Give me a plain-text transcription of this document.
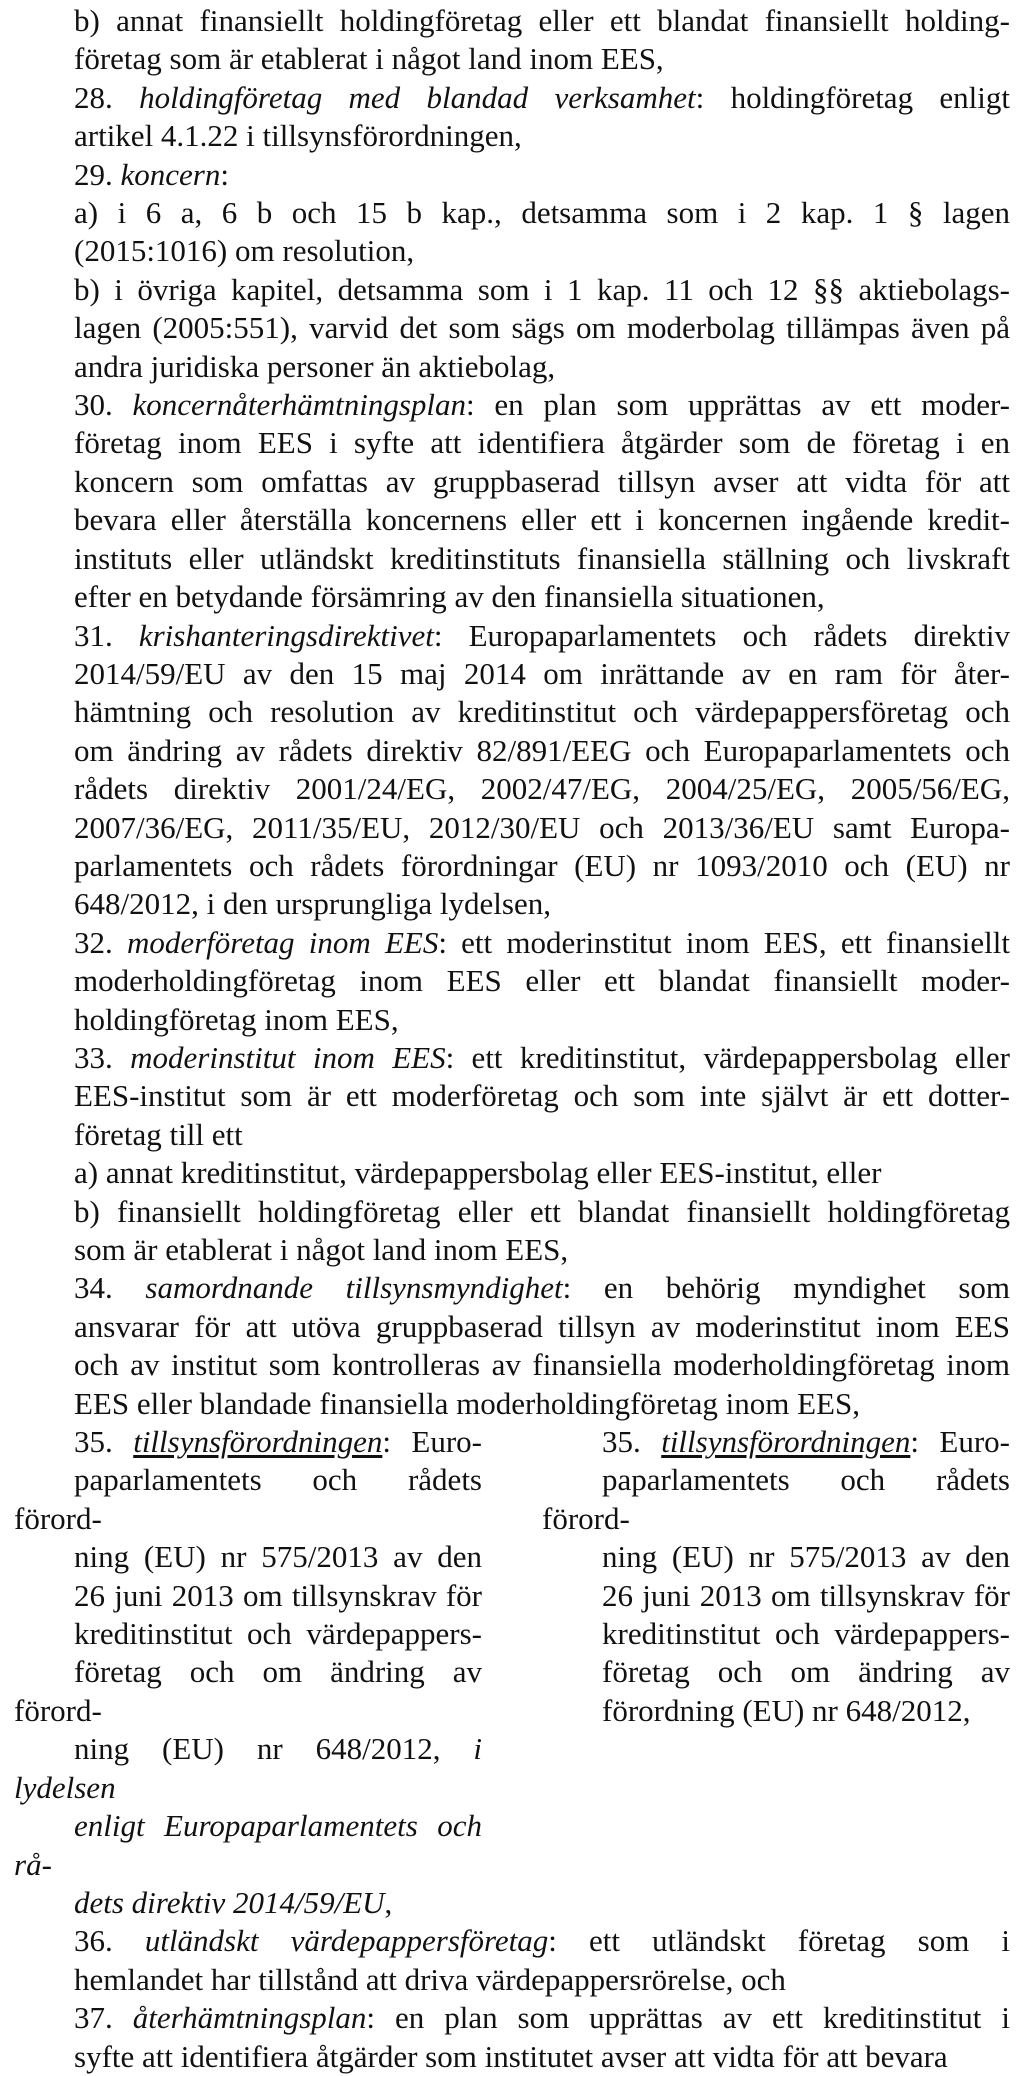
b) annat finansiellt holdingföretag eller ett blandat finansiellt holding-
företag som är etablerat i något land inom EES,
28. holdingföretag med blandad verksamhet: holdingföretag enligt
artikel 4.1.22 i tillsynsförordningen,
29. koncern:
a) i 6 a, 6 b och 15 b kap., detsamma som i 2 kap. 1 § lagen
(2015:1016) om resolution,
b) i övriga kapitel, detsamma som i 1 kap. 11 och 12 §§ aktiebolags-
lagen (2005:551), varvid det som sägs om moderbolag tillämpas även på
andra juridiska personer än aktiebolag,
30. koncernåterhämtningsplan: en plan som upprättas av ett moder-
företag inom EES i syfte att identifiera åtgärder som de företag i en
koncern som omfattas av gruppbaserad tillsyn avser att vidta för att
bevara eller återställa koncernens eller ett i koncernen ingående kredit-
instituts eller utländskt kreditinstituts finansiella ställning och livskraft
efter en betydande försämring av den finansiella situationen,
31. krishanteringsdirektivet: Europaparlamentets och rådets direktiv
2014/59/EU av den 15 maj 2014 om inrättande av en ram för åter-
hämtning och resolution av kreditinstitut och värdepappersföretag och
om ändring av rådets direktiv 82/891/EEG och Europaparlamentets och
rådets direktiv 2001/24/EG, 2002/47/EG, 2004/25/EG, 2005/56/EG,
2007/36/EG, 2011/35/EU, 2012/30/EU och 2013/36/EU samt Europa-
parlamentets och rådets förordningar (EU) nr 1093/2010 och (EU) nr
648/2012, i den ursprungliga lydelsen,
32. moderföretag inom EES: ett moderinstitut inom EES, ett finansiellt
moderholdingföretag inom EES eller ett blandat finansiellt moder-
holdingföretag inom EES,
33. moderinstitut inom EES: ett kreditinstitut, värdepappersbolag eller
EES-institut som är ett moderföretag och som inte självt är ett dotter-
företag till ett
a) annat kreditinstitut, värdepappersbolag eller EES-institut, eller
b) finansiellt holdingföretag eller ett blandat finansiellt holdingföretag
som är etablerat i något land inom EES,
34. samordnande tillsynsmyndighet: en behörig myndighet som
ansvarar för att utöva gruppbaserad tillsyn av moderinstitut inom EES
och av institut som kontrolleras av finansiella moderholdingföretag inom
EES eller blandade finansiella moderholdingföretag inom EES,
35. tillsynsförordningen: Euro-
paparlamentets och rådets förord-
ning (EU) nr 575/2013 av den
26 juni 2013 om tillsynskrav för
kreditinstitut och värdepappers-
företag och om ändring av förord-
ning (EU) nr 648/2012, i lydelsen
enligt Europaparlamentets och rå-
dets direktiv 2014/59/EU,
35. tillsynsförordningen: Euro-
paparlamentets och rådets förord-
ning (EU) nr 575/2013 av den
26 juni 2013 om tillsynskrav för
kreditinstitut och värdepappers-
företag och om ändring av
förordning (EU) nr 648/2012,
36. utländskt värdepappersföretag: ett utländskt företag som i
hemlandet har tillstånd att driva värdepappersrörelse, och
37. återhämtningsplan: en plan som upprättas av ett kreditinstitut i
syfte att identifiera åtgärder som institutet avser att vidta för att bevara
